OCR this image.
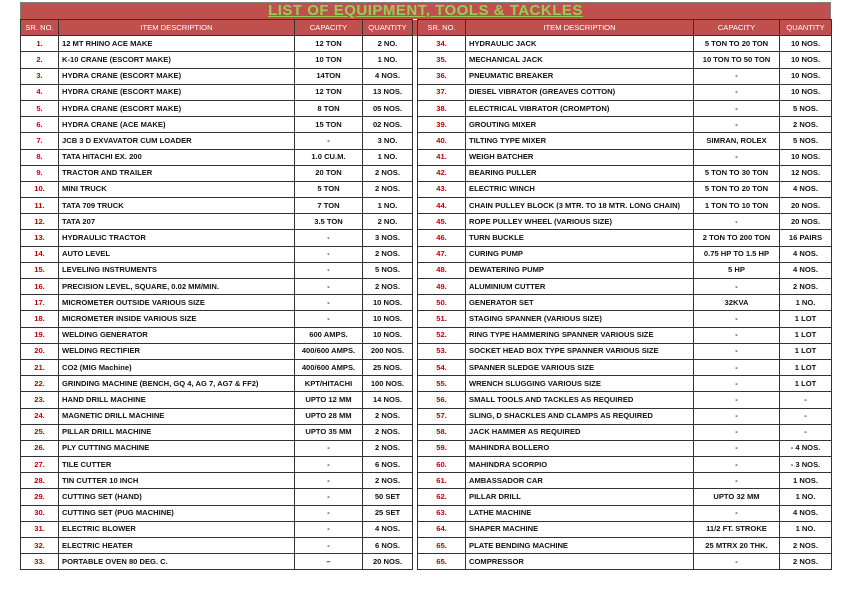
LIST OF EQUIPMENT, TOOLS & TACKLES
SR. NO.	ITEM DESCRIPTION	CAPACITY	QUANTITY		SR. NO.	ITEM DESCRIPTION	CAPACITY	QUANTITY
1.	12 MT RHINO ACE MAKE	12 TON	2 NO.		34.	HYDRAULIC JACK	5 TON TO 20 TON	10 NOS.
2.	K-10 CRANE (ESCORT MAKE)	10 TON	1 NO.		35.	MECHANICAL JACK	10 TON TO 50 TON	10 NOS.
3.	HYDRA CRANE (ESCORT MAKE)	14TON	4 NOS.		36.	PNEUMATIC BREAKER	-	10 NOS.
4.	HYDRA CRANE (ESCORT MAKE)	12 TON	13 NOS.		37.	DIESEL VIBRATOR (GREAVES COTTON)	-	10 NOS.
5.	HYDRA CRANE (ESCORT MAKE)	8 TON	05 NOS.		38.	ELECTRICAL VIBRATOR (CROMPTON)	-	5 NOS.
6.	HYDRA CRANE (ACE MAKE)	15 TON	02 NOS.		39.	GROUTING MIXER	-	2 NOS.
7.	JCB 3 D EXVAVATOR CUM LOADER	-	3 NO.		40.	TILTING TYPE MIXER	SIMRAN, ROLEX	5 NOS.
8.	TATA HITACHI EX. 200	1.0 CU.M.	1 NO.		41.	WEIGH BATCHER	-	10 NOS.
9.	TRACTOR AND TRAILER	20 TON	2 NOS.		42.	BEARING PULLER	5 TON TO 30 TON	12 NOS.
10.	MINI TRUCK	5 TON	2 NOS.		43.	ELECTRIC WINCH	5 TON TO 20 TON	4 NOS.
11.	TATA 709 TRUCK	7 TON	1 NO.		44.	CHAIN PULLEY BLOCK (3 MTR. TO 18 MTR. LONG CHAIN)	1 TON TO 10 TON	20 NOS.
12.	TATA 207	3.5 TON	2 NO.		45.	ROPE PULLEY WHEEL (VARIOUS SIZE)	-	20 NOS.
13.	HYDRAULIC TRACTOR	-	3 NOS.		46.	TURN BUCKLE	2 TON TO 200 TON	16 PAIRS
14.	AUTO LEVEL	-	2 NOS.		47.	CURING PUMP	0.75 HP TO 1.5 HP	4 NOS.
15.	LEVELING INSTRUMENTS	-	5 NOS.		48.	DEWATERING PUMP	5 HP	4 NOS.
16.	PRECISION LEVEL, SQUARE, 0.02 MM/MIN.	-	2 NOS.		49.	ALUMINIUM CUTTER	-	2 NOS.
17.	MICROMETER OUTSIDE VARIOUS SIZE	-	10 NOS.		50.	GENERATOR SET	32KVA	1 NO.
18.	MICROMETER INSIDE VARIOUS SIZE	-	10 NOS.		51.	STAGING SPANNER (VARIOUS SIZE)	-	1 LOT
19.	WELDING GENERATOR	600 AMPS.	10 NOS.		52.	RING TYPE HAMMERING SPANNER VARIOUS SIZE	-	1 LOT
20.	WELDING RECTIFIER	400/600 AMPS.	200 NOS.		53.	SOCKET HEAD BOX TYPE SPANNER VARIOUS SIZE	-	1 LOT
21.	CO2 (MIG Machine)	400/600 AMPS.	25 NOS.		54.	SPANNER SLEDGE VARIOUS SIZE	-	1 LOT
22.	GRINDING MACHINE (BENCH, GQ 4, AG 7, AG7 & FF2)	KPT/HITACHI	100 NOS.		55.	WRENCH SLUGGING VARIOUS SIZE	-	1 LOT
23.	HAND DRILL MACHINE	UPTO 12 MM	14 NOS.		56.	SMALL TOOLS AND TACKLES AS REQUIRED	-	-
24.	MAGNETIC DRILL MACHINE	UPTO 28 MM	2 NOS.		57.	SLING, D SHACKLES AND CLAMPS AS REQUIRED	-	-
25.	PILLAR DRILL MACHINE	UPTO 35 MM	2 NOS.		58.	JACK HAMMER AS REQUIRED	-	-
26.	PLY CUTTING MACHINE	-	2 NOS.		59.	MAHINDRA BOLLERO	-	- 4 NOS.
27.	TILE CUTTER	-	6 NOS.		60.	MAHINDRA SCORPIO	-	- 3 NOS.
28.	TIN CUTTER 10 INCH	-	2 NOS.		61.	AMBASSADOR CAR	-	1 NOS.
29.	CUTTING SET (HAND)	-	50 SET		62.	PILLAR DRILL	UPTO 32 MM	1 NO.
30.	CUTTING SET (PUG MACHINE)	-	25 SET		63.	LATHE MACHINE	-	4 NOS.
31.	ELECTRIC BLOWER	-	4 NOS.		64.	SHAPER MACHINE	11/2 FT. STROKE	1 NO.
32.	ELECTRIC HEATER	-	6 NOS.		65.	PLATE BENDING MACHINE	25 MTRX 20 THK.	2 NOS.
33.	PORTABLE OVEN 80 DEG. C.	–	20 NOS.		65.	COMPRESSOR	-	2 NOS.
